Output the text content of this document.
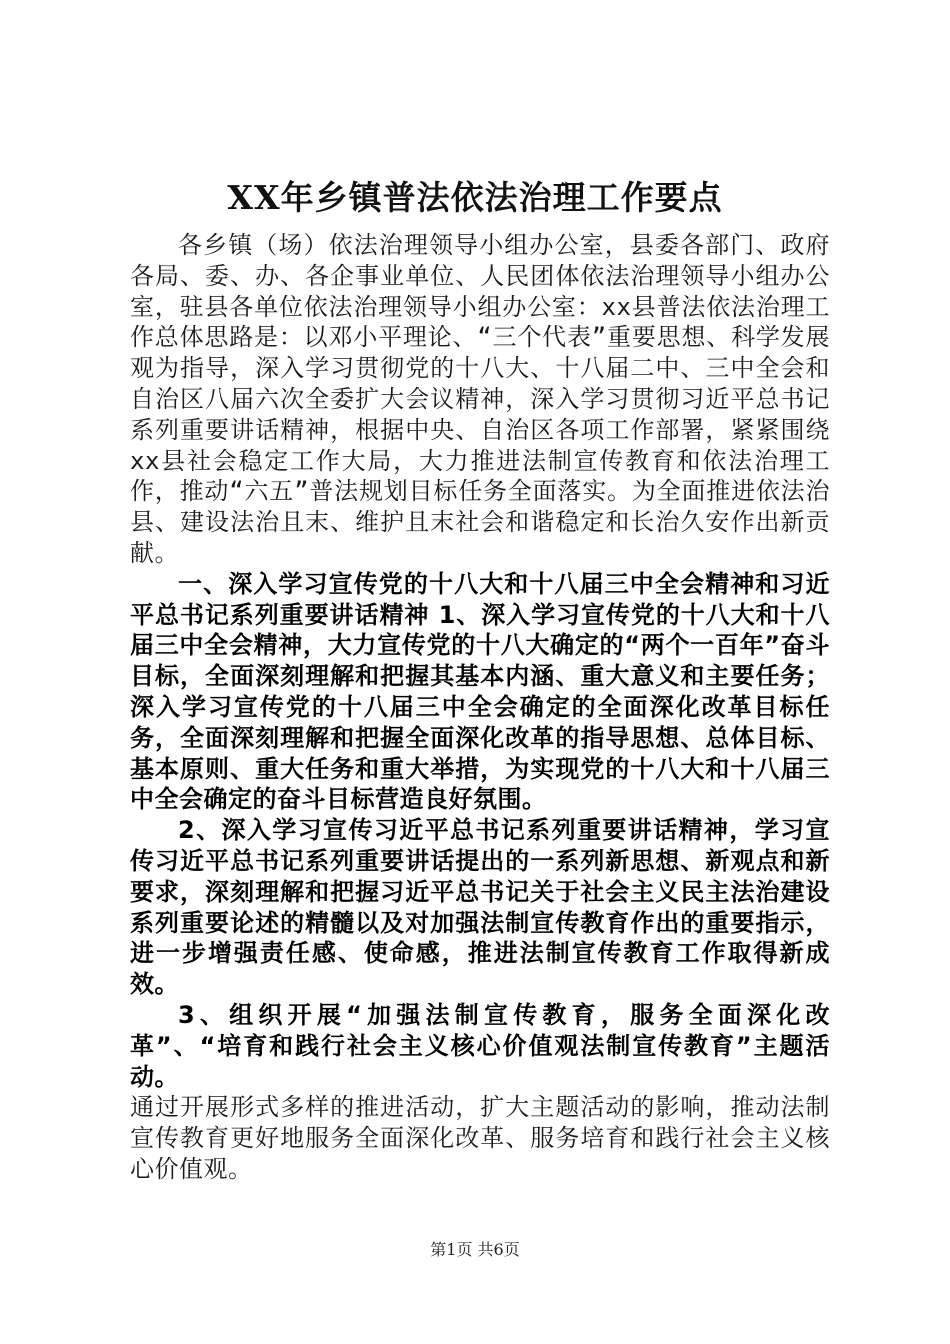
XX年乡镇普法依法治理工作要点

各乡镇（场）依法治理领导小组办公室，县委各部门、政府各局、委、办、各企事业单位、人民团体依法治理领导小组办公室，驻县各单位依法治理领导小组办公室：xx县普法依法治理工作总体思路是：以邓小平理论、“三个代表”重要思想、科学发展观为指导，深入学习贯彻党的十八大、十八届二中、三中全会和自治区八届六次全委扩大会议精神，深入学习贯彻习近平总书记系列重要讲话精神，根据中央、自治区各项工作部署，紧紧围绕xx县社会稳定工作大局，大力推进法制宣传教育和依法治理工作，推动“六五”普法规划目标任务全面落实。为全面推进依法治县、建设法治且末、维护且末社会和谐稳定和长治久安作出新贡献。

一、深入学习宣传党的十八大和十八届三中全会精神和习近平总书记系列重要讲话精神 1、深入学习宣传党的十八大和十八届三中全会精神，大力宣传党的十八大确定的“两个一百年”奋斗目标，全面深刻理解和把握其基本内涵、重大意义和主要任务；深入学习宣传党的十八届三中全会确定的全面深化改革目标任务，全面深刻理解和把握全面深化改革的指导思想、总体目标、基本原则、重大任务和重大举措，为实现党的十八大和十八届三中全会确定的奋斗目标营造良好氛围。

2、深入学习宣传习近平总书记系列重要讲话精神，学习宣传习近平总书记系列重要讲话提出的一系列新思想、新观点和新要求，深刻理解和把握习近平总书记关于社会主义民主法治建设系列重要论述的精髓以及对加强法制宣传教育作出的重要指示，进一步增强责任感、使命感，推进法制宣传教育工作取得新成效。

3、组织开展“加强法制宣传教育，服务全面深化改革”、“培育和践行社会主义核心价值观法制宣传教育”主题活动。
通过开展形式多样的推进活动，扩大主题活动的影响，推动法制宣传教育更好地服务全面深化改革、服务培育和践行社会主义核心价值观。

第1页 共6页
